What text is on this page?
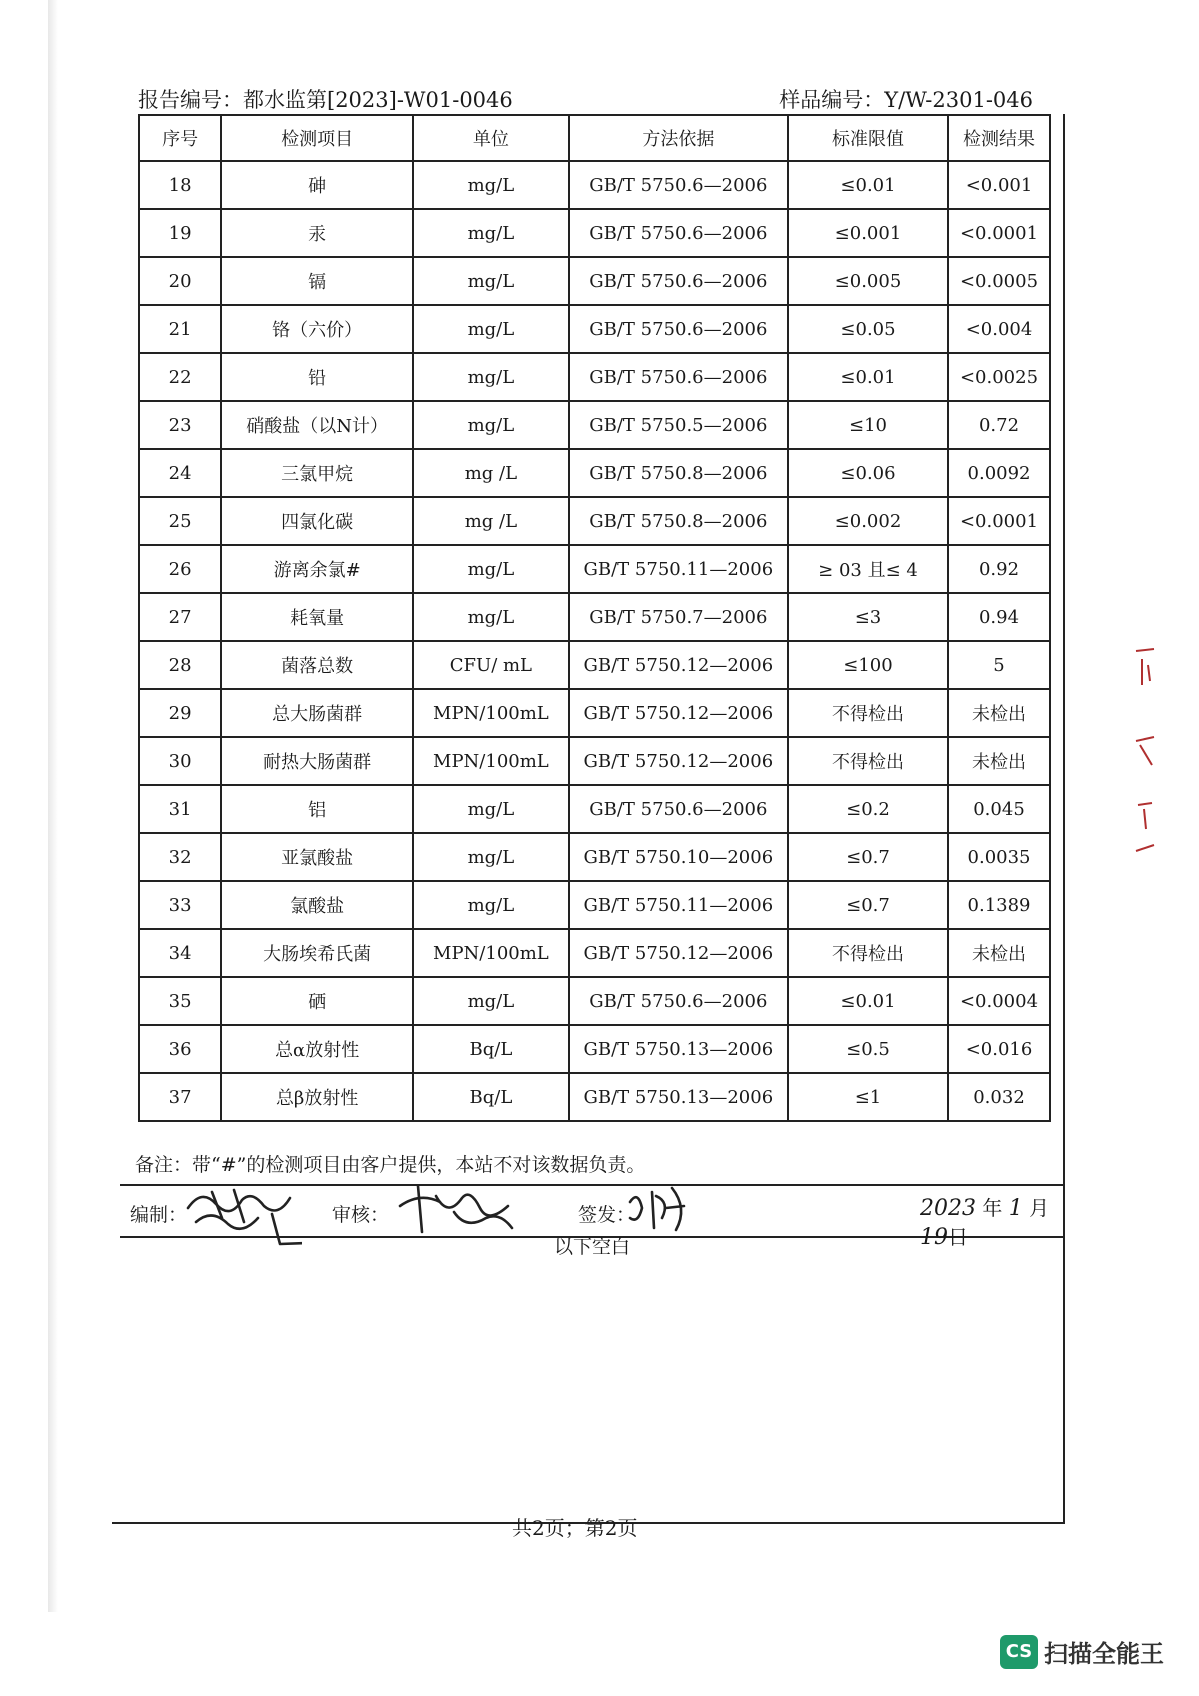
报告编号：都水监第[2023]-W01-0046	样品编号：Y/W-2301-046
序号	检测项目	单位	方法依据	标准限值	检测结果
18	砷	mg/L	GB/T 5750.6—2006	≤0.01	<0.001
19	汞	mg/L	GB/T 5750.6—2006	≤0.001	<0.0001
20	镉	mg/L	GB/T 5750.6—2006	≤0.005	<0.0005
21	铬（六价）	mg/L	GB/T 5750.6—2006	≤0.05	<0.004
22	铅	mg/L	GB/T 5750.6—2006	≤0.01	<0.0025
23	硝酸盐（以N计）	mg/L	GB/T 5750.5—2006	≤10	0.72
24	三氯甲烷	mg /L	GB/T 5750.8—2006	≤0.06	0.0092
25	四氯化碳	mg /L	GB/T 5750.8—2006	≤0.002	<0.0001
26	游离余氯#	mg/L	GB/T 5750.11—2006	≥ 03 且≤ 4	0.92
27	耗氧量	mg/L	GB/T 5750.7—2006	≤3	0.94
28	菌落总数	CFU/ mL	GB/T 5750.12—2006	≤100	5
29	总大肠菌群	MPN/100mL	GB/T 5750.12—2006	不得检出	未检出
30	耐热大肠菌群	MPN/100mL	GB/T 5750.12—2006	不得检出	未检出
31	铝	mg/L	GB/T 5750.6—2006	≤0.2	0.045
32	亚氯酸盐	mg/L	GB/T 5750.10—2006	≤0.7	0.0035
33	氯酸盐	mg/L	GB/T 5750.11—2006	≤0.7	0.1389
34	大肠埃希氏菌	MPN/100mL	GB/T 5750.12—2006	不得检出	未检出
35	硒	mg/L	GB/T 5750.6—2006	≤0.01	<0.0004
36	总α放射性	Bq/L	GB/T 5750.13—2006	≤0.5	<0.016
37	总β放射性	Bq/L	GB/T 5750.13—2006	≤1	0.032
备注：带“#”的检测项目由客户提供，本站不对该数据负责。
编制：	审核：	签发：	2023 年 1 月 19日
以下空白
共2页；第2页
CS 扫描全能王
